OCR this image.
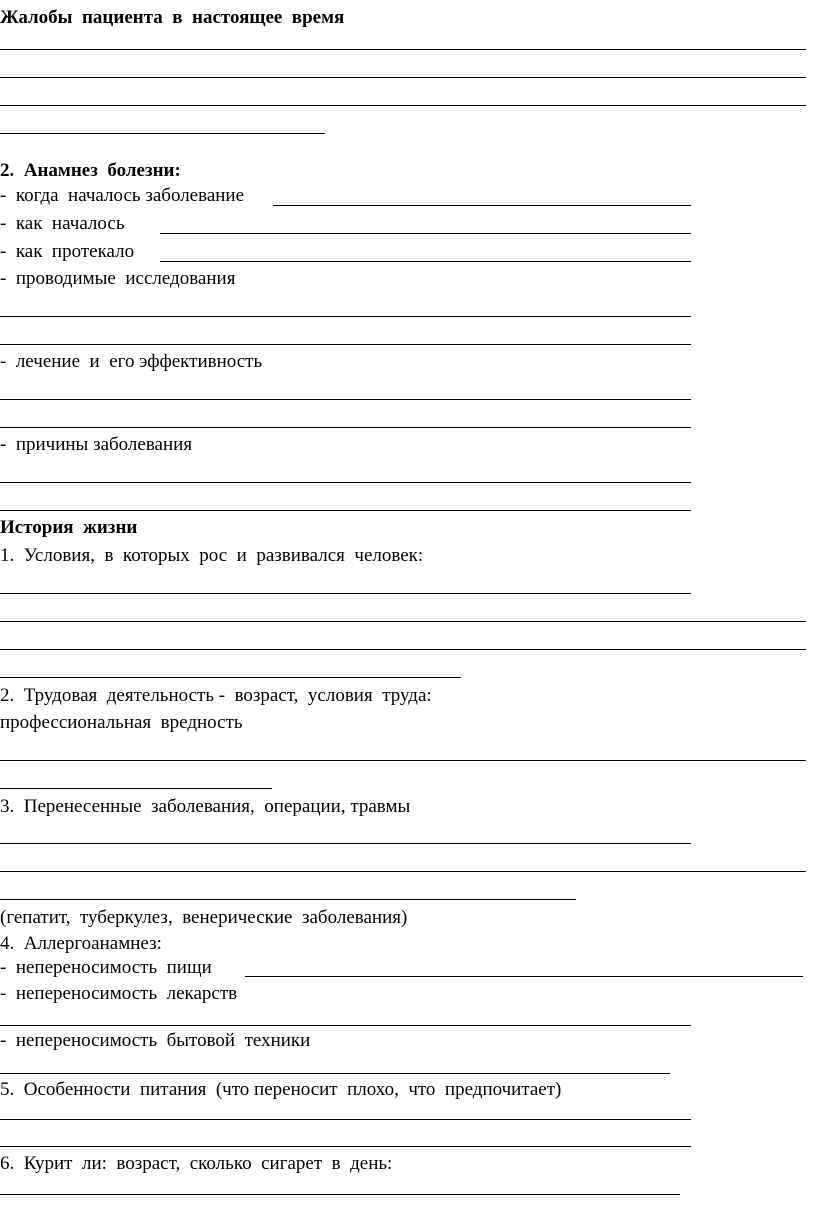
Жалобы  пациента  в  настоящее  время
2.  Анамнез  болезни:
-  когда  началось заболевание
-  как  началось
-  как  протекало
-  проводимые  исследования
-  лечение  и  его эффективность
-  причины заболевания
История  жизни
1.  Условия,  в  которых  рос  и  развивался  человек:
2.  Трудовая  деятельность -  возраст,  условия  труда:
профессиональная  вредность
3.  Перенесенные  заболевания,  операции, травмы
(гепатит,  туберкулез,  венерические  заболевания)
4.  Аллергоанамнез:
-  непереносимость  пищи
-  непереносимость  лекарств
-  непереносимость  бытовой  техники
5.  Особенности  питания  (что переносит  плохо,  что  предпочитает)
6.  Курит  ли:  возраст,  сколько  сигарет  в  день:
